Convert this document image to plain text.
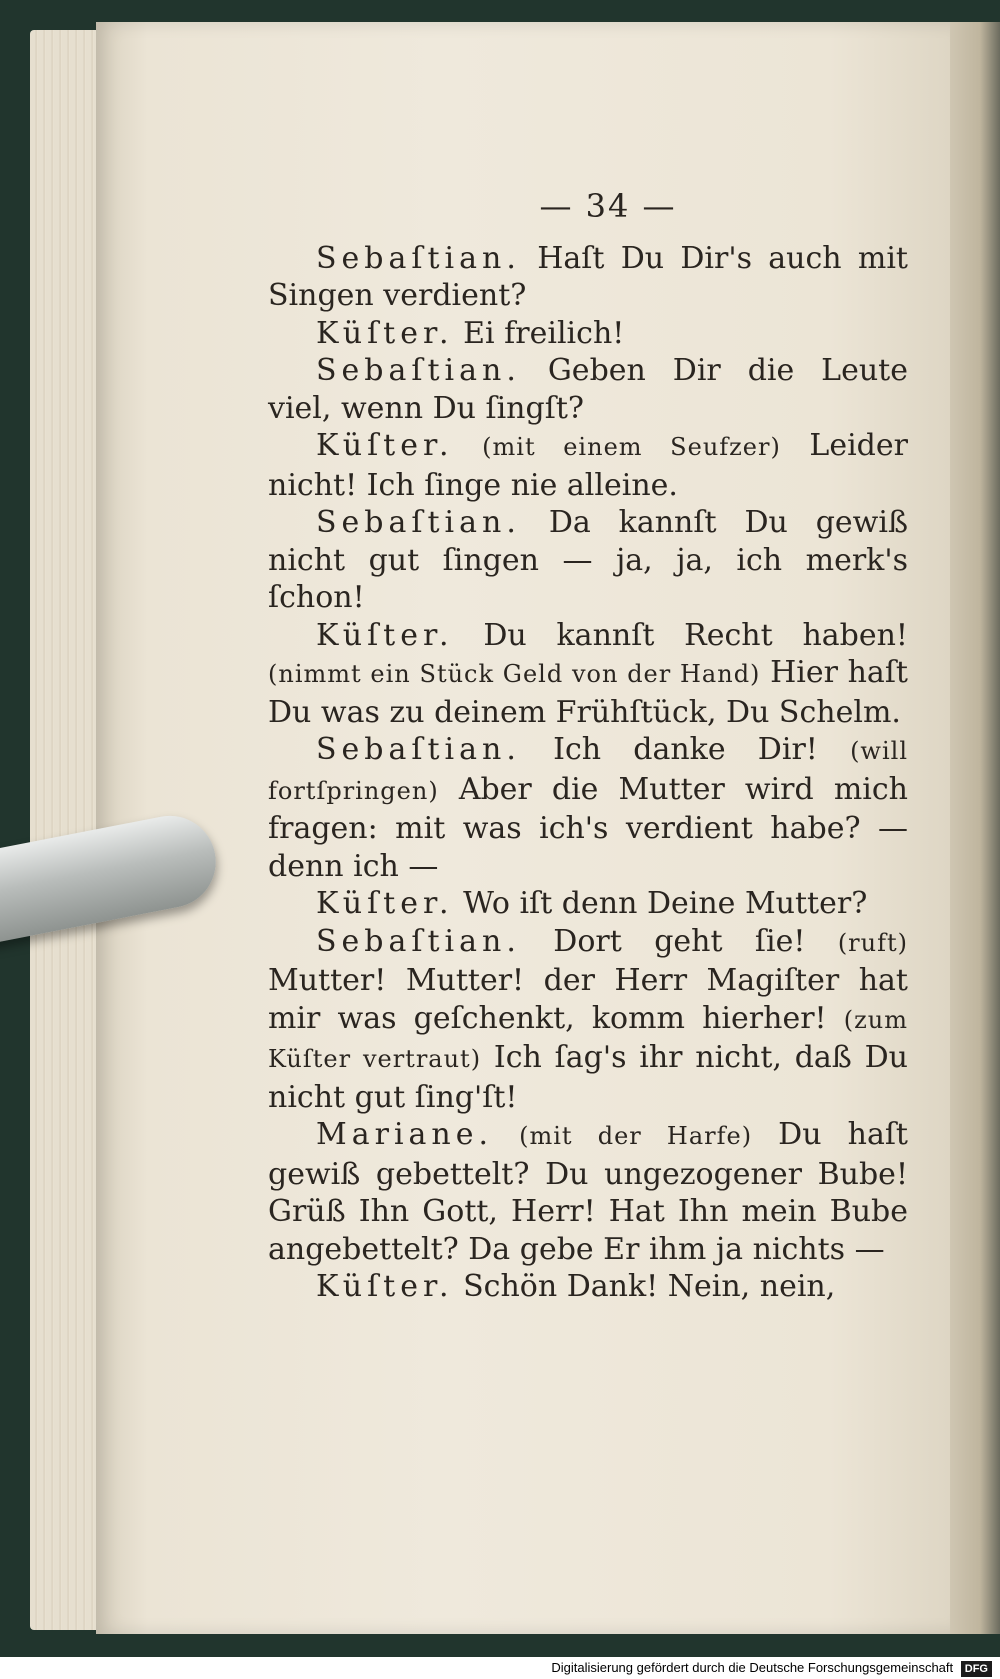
— 34 —

Sebaſtian. Haſt Du Dir's auch mit Singen verdient?

Küſter. Ei freilich!

Sebaſtian. Geben Dir die Leute viel, wenn Du ſingſt?

Küſter. (mit einem Seufzer) Leider nicht! Ich ſinge nie alleine.

Sebaſtian. Da kannſt Du gewiß nicht gut ſingen — ja, ja, ich merk's ſchon!

Küſter. Du kannſt Recht haben! (nimmt ein Stück Geld von der Hand) Hier haſt Du was zu deinem Frühſtück, Du Schelm.

Sebaſtian. Ich danke Dir! (will fortſpringen) Aber die Mutter wird mich fragen: mit was ich's verdient habe? — denn ich —

Küſter. Wo iſt denn Deine Mutter?

Sebaſtian. Dort geht ſie! (ruft) Mutter! Mutter! der Herr Magiſter hat mir was geſchenkt, komm hierher! (zum Küſter vertraut) Ich ſag's ihr nicht, daß Du nicht gut ſing'ſt!

Mariane. (mit der Harfe) Du haſt gewiß gebettelt? Du ungezogener Bube! Grüß Ihn Gott, Herr! Hat Ihn mein Bube angebettelt? Da gebe Er ihm ja nichts —

Küſter. Schön Dank! Nein, nein,

Digitalisierung gefördert durch die Deutsche Forschungsgemeinschaft DFG
